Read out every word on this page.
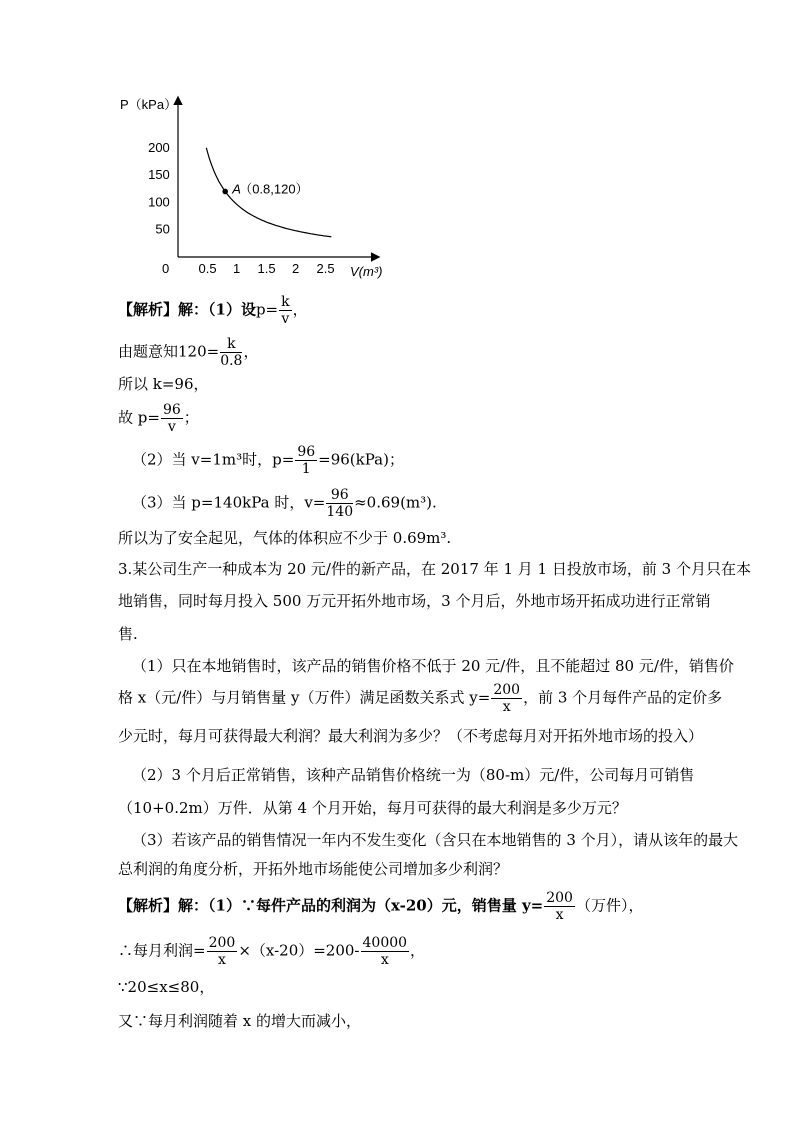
P（kPa）
V(m³)
0 0.5 1 1.5 2 2.5
200
150
100
50
A
（0.8,120）
【解析】解：（1）设$p= \frac{k}{v}$ ，
由题意知$120= \frac{k}{0.8}$ ，
所以 k=96，
故 $p= \frac{96}{v}$ ；
（2）当 v=1m³时，$p= \frac{96}{1} =96(kPa)$；
（3）当 p=140kPa 时，$v= \frac{96}{140} \approx 0.69(m^3)$.
所以为了安全起见，气体的体积应不少于 0.69m³.
3.某公司生产一种成本为 20 元/件的新产品，在 2017 年 1 月 1 日投放市场，前 3 个月只在本
地销售，同时每月投入 500 万元开拓外地市场，3 个月后，外地市场开拓成功进行正常销
售.
（1）只在本地销售时，该产品的销售价格不低于 20 元/件，且不能超过 80 元/件，销售价
格 x（元/件）与月销售量 y（万件）满足函数关系式 $y= \frac{200}{x}$ ，前 3 个月每件产品的定价多
少元时，每月可获得最大利润？最大利润为多少？（不考虑每月对开拓外地市场的投入）
（2）3 个月后正常销售，该种产品销售价格统一为（80-m）元/件，公司每月可销售
（10+0.2m）万件．从第 4 个月开始，每月可获得的最大利润是多少万元？
（3）若该产品的销售情况一年内不发生变化（含只在本地销售的 3 个月），请从该年的最大
总利润的角度分析，开拓外地市场能使公司增加多少利润？
【解析】解：（1）∵每件产品的利润为（x-20）元，销售量 $y= \frac{200}{x}$ （万件），
∴每月利润= $\frac{200}{x} \times(x-20)=200- \frac{40000}{x}$ ，
∵20≤x≤80，
又∵每月利润随着 x 的增大而减小，
